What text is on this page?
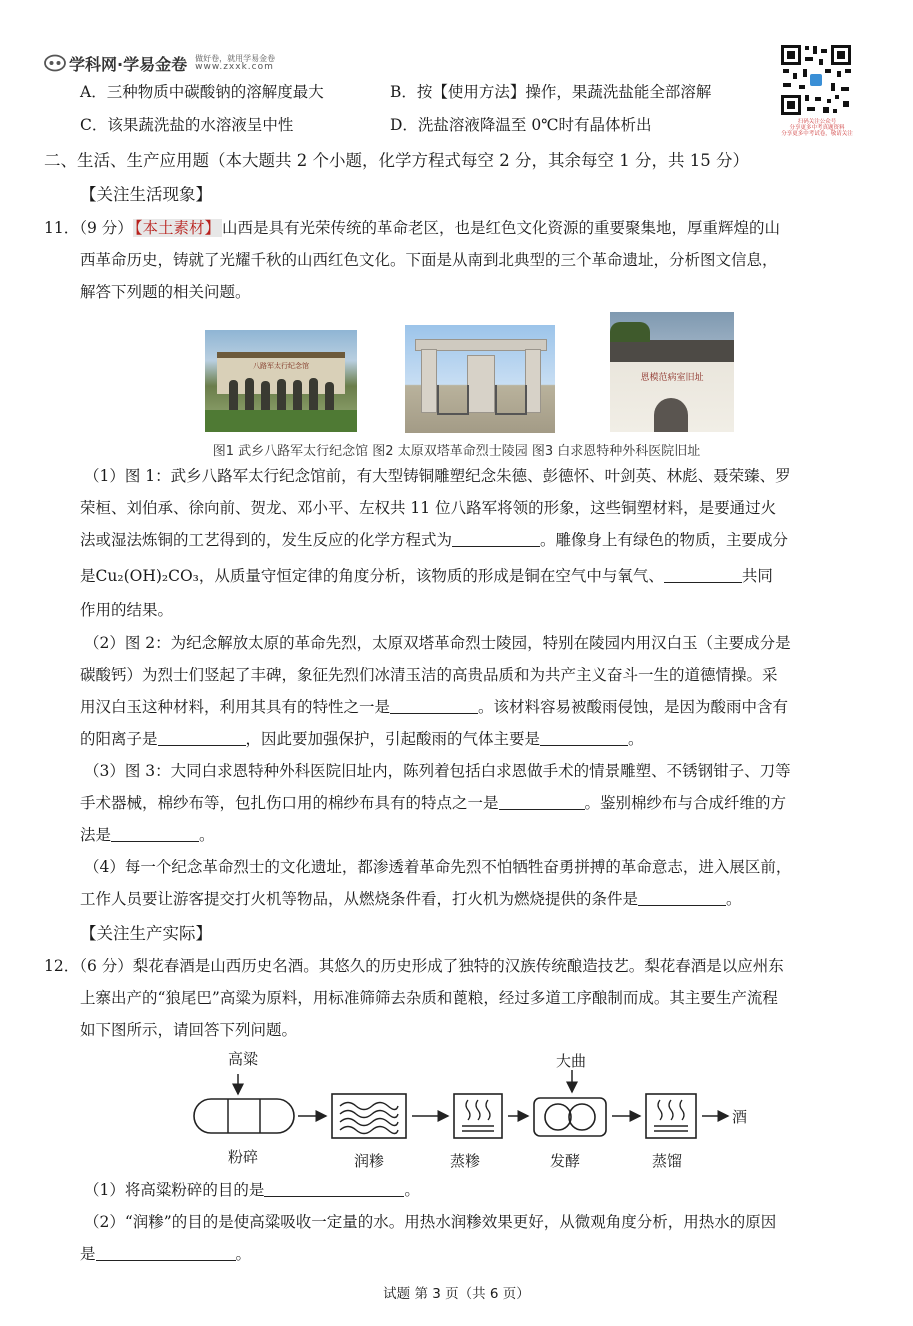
学科网·学易金卷 做好卷，就用学易金卷
www.zxxk.com
扫码关注公众号
分享更多中考真题资料
分享更多中考试卷，敬请关注
A．三种物质中碳酸钠的溶解度最大	B．按【使用方法】操作，果蔬洗盐能全部溶解
C．该果蔬洗盐的水溶液呈中性	D．洗盐溶液降温至 0℃时有晶体析出
二、生活、生产应用题（本大题共 2 个小题，化学方程式每空 2 分，其余每空 1 分，共 15 分）
【关注生活现象】
11．（9 分） 【本土素材】 山西是具有光荣传统的革命老区，也是红色文化资源的重要聚集地，厚重辉煌的山
西革命历史，铸就了光耀千秋的山西红色文化。下面是从南到北典型的三个革命遗址，分析图文信息，
解答下列题的相关问题。
八路军太行纪念馆
恩模范病室旧址
图1 武乡八路军太行纪念馆 图2 太原双塔革命烈士陵园 图3 白求恩特种外科医院旧址
（1）图 1：武乡八路军太行纪念馆前，有大型铸铜雕塑纪念朱德、彭德怀、叶剑英、林彪、聂荣臻、罗
荣桓、刘伯承、徐向前、贺龙、邓小平、左权共 11 位八路军将领的形象，这些铜塑材料，是要通过火
法或湿法炼铜的工艺得到的，发生反应的化学方程式为	。雕像身上有绿色的物质，主要成分
是Cu₂(OH)₂CO₃，从质量守恒定律的角度分析，该物质的形成是铜在空气中与氧气、	共同
作用的结果。
（2）图 2：为纪念解放太原的革命先烈，太原双塔革命烈士陵园，特别在陵园内用汉白玉（主要成分是
碳酸钙）为烈士们竖起了丰碑，象征先烈们冰清玉洁的高贵品质和为共产主义奋斗一生的道德情操。采
用汉白玉这种材料，利用其具有的特性之一是	。该材料容易被酸雨侵蚀，是因为酸雨中含有
的阳离子是	，因此要加强保护，引起酸雨的气体主要是	。
（3）图 3：大同白求恩特种外科医院旧址内，陈列着包括白求恩做手术的情景雕塑、不锈钢钳子、刀等
手术器械，棉纱布等，包扎伤口用的棉纱布具有的特点之一是	。鉴别棉纱布与合成纤维的方
法是	。
（4）每一个纪念革命烈士的文化遗址，都渗透着革命先烈不怕牺牲奋勇拼搏的革命意志，进入展区前，
工作人员要让游客提交打火机等物品，从燃烧条件看，打火机为燃烧提供的条件是	。
【关注生产实际】
12．（6 分）梨花春酒是山西历史名酒。其悠久的历史形成了独特的汉族传统酿造技艺。梨花春酒是以应州东
上寨出产的“狼尾巴”高粱为原料，用标准筛筛去杂质和蓖粮，经过多道工序酿制而成。其主要生产流程
如下图所示，请回答下列问题。
高粱	大曲
酒
粉碎	润糁	蒸糁	发酵	蒸馏
（1）将高粱粉碎的目的是	。
（2）“润糁”的目的是使高粱吸收一定量的水。用热水润糁效果更好，从微观角度分析，用热水的原因
是	。
试题 第 3 页（共 6 页）
